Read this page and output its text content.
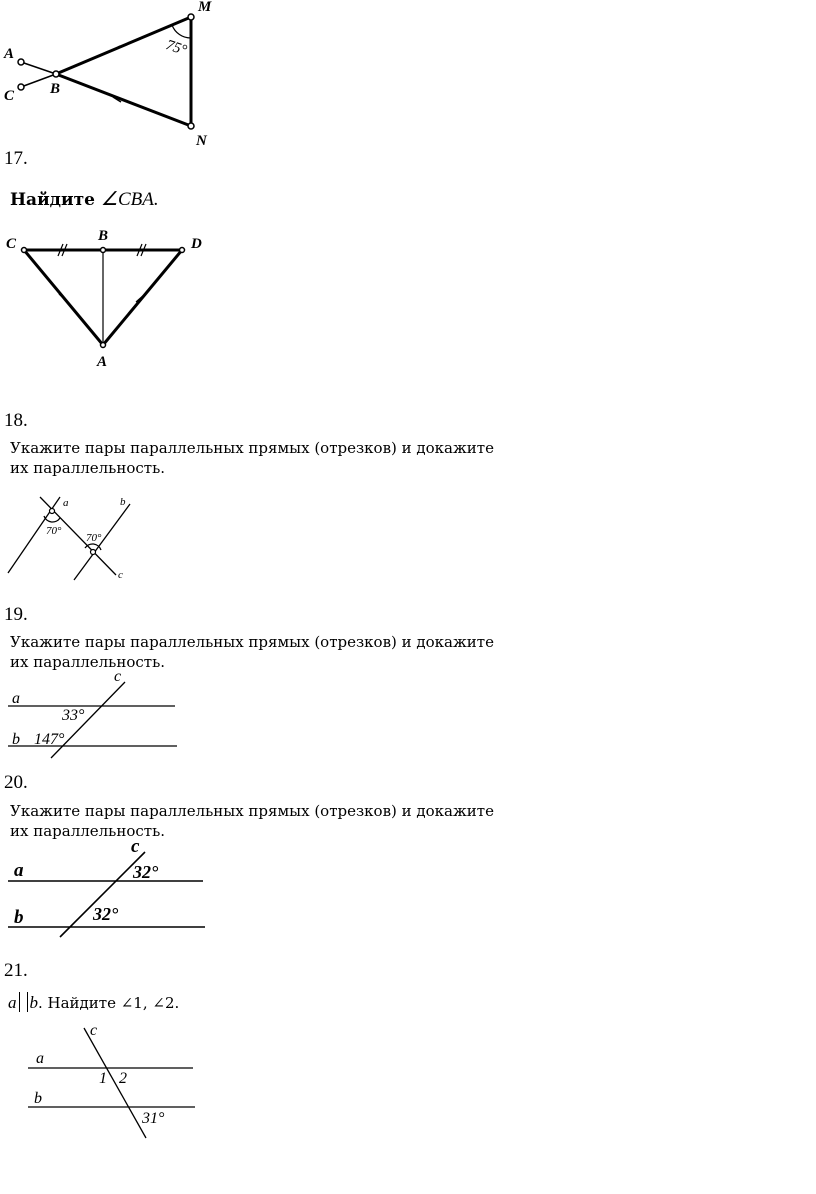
M
A
C B
N
75°
17.
Найдите ∠CBA.
C	B	D
A
18.
Укажите пары параллельных прямых (отрезков) и докажите
их параллельность.
a	b
c
70°
70°
19.
Укажите пары параллельных прямых (отрезков) и докажите
их параллельность.
c
a
b
33°
147°
20.
Укажите пары параллельных прямых (отрезков) и докажите
их параллельность.
c
a
b
32°
32°
21.
a b. Найдите ∠1, ∠2.
c
a
b
1 2
31°
